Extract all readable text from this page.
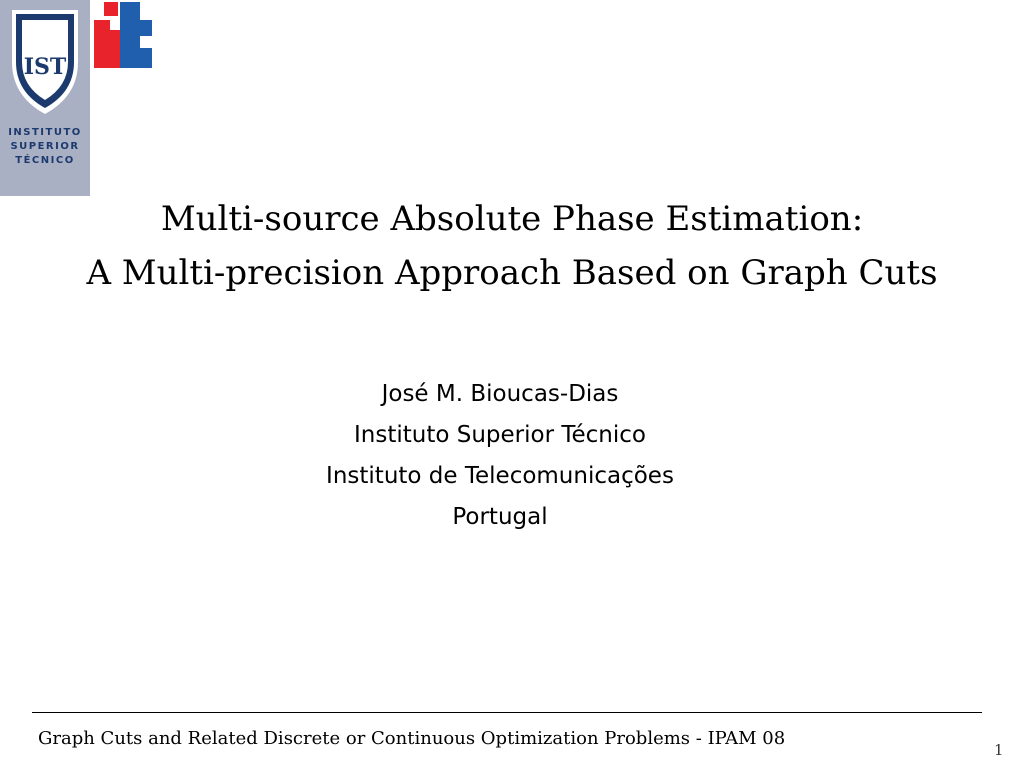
IST
INSTITUTO
SUPERIOR
TÉCNICO
Multi-source Absolute Phase Estimation:
A Multi-precision Approach Based on Graph Cuts
José M. Bioucas-Dias
Instituto Superior Técnico
Instituto de Telecomunicações
Portugal
Graph Cuts and Related Discrete or Continuous Optimization Problems - IPAM 08
1
